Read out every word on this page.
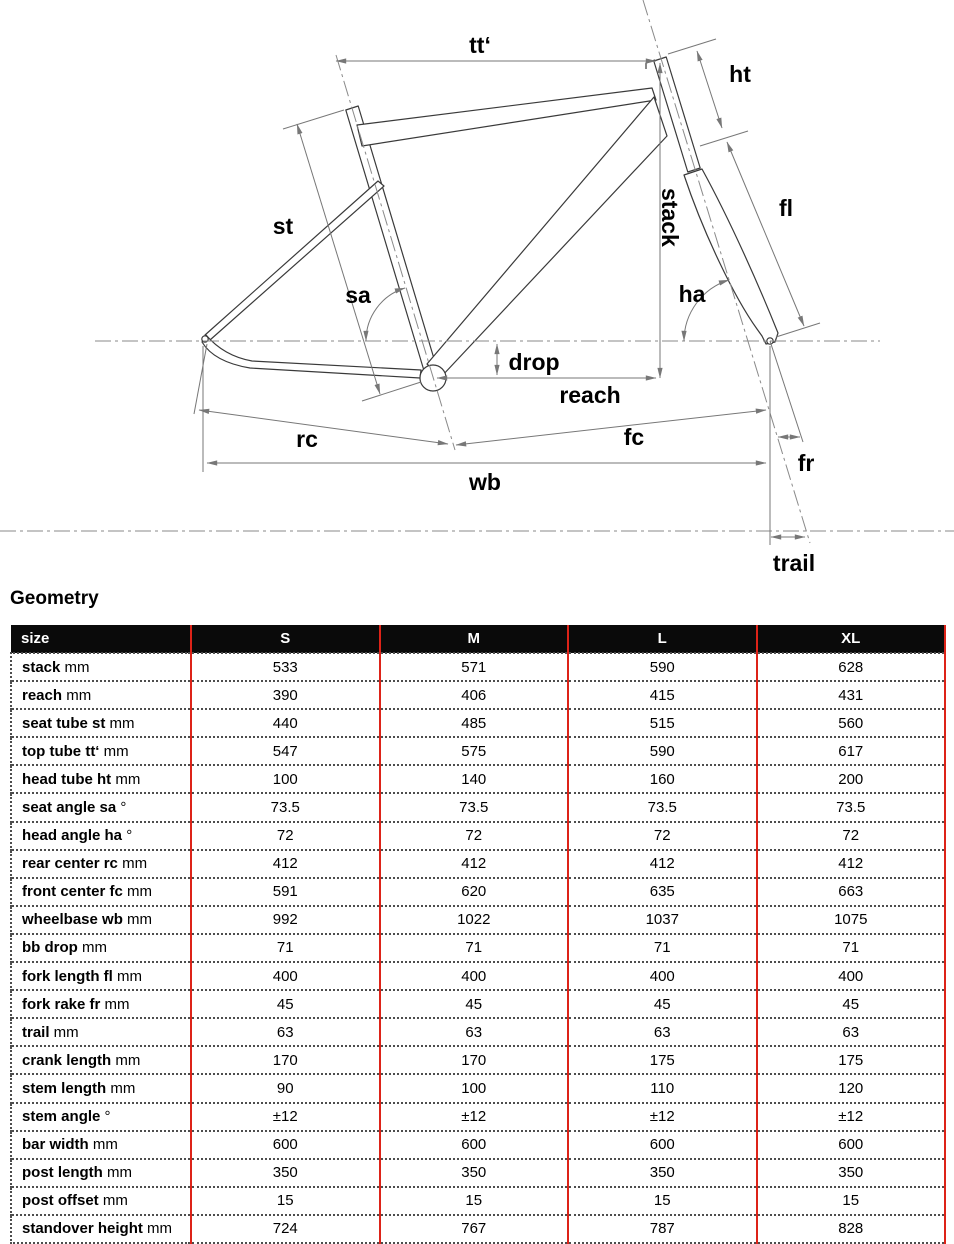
tt‘
ht
fl
st
sa
stack
ha
drop
reach
rc	fc
wb
fr
trail
Geometry
size	S	M	L	XL
stack mm	533	571	590	628
reach mm	390	406	415	431
seat tube st mm	440	485	515	560
top tube tt‘ mm	547	575	590	617
head tube ht mm	100	140	160	200
seat angle sa °	73.5	73.5	73.5	73.5
head angle ha °	72	72	72	72
rear center rc mm	412	412	412	412
front center fc mm	591	620	635	663
wheelbase wb mm	992	1022	1037	1075
bb drop mm	71	71	71	71
fork length fl mm	400	400	400	400
fork rake fr mm	45	45	45	45
trail mm	63	63	63	63
crank length mm	170	170	175	175
stem length mm	90	100	110	120
stem angle °	±12	±12	±12	±12
bar width mm	600	600	600	600
post length mm	350	350	350	350
post offset mm	15	15	15	15
standover height mm	724	767	787	828
